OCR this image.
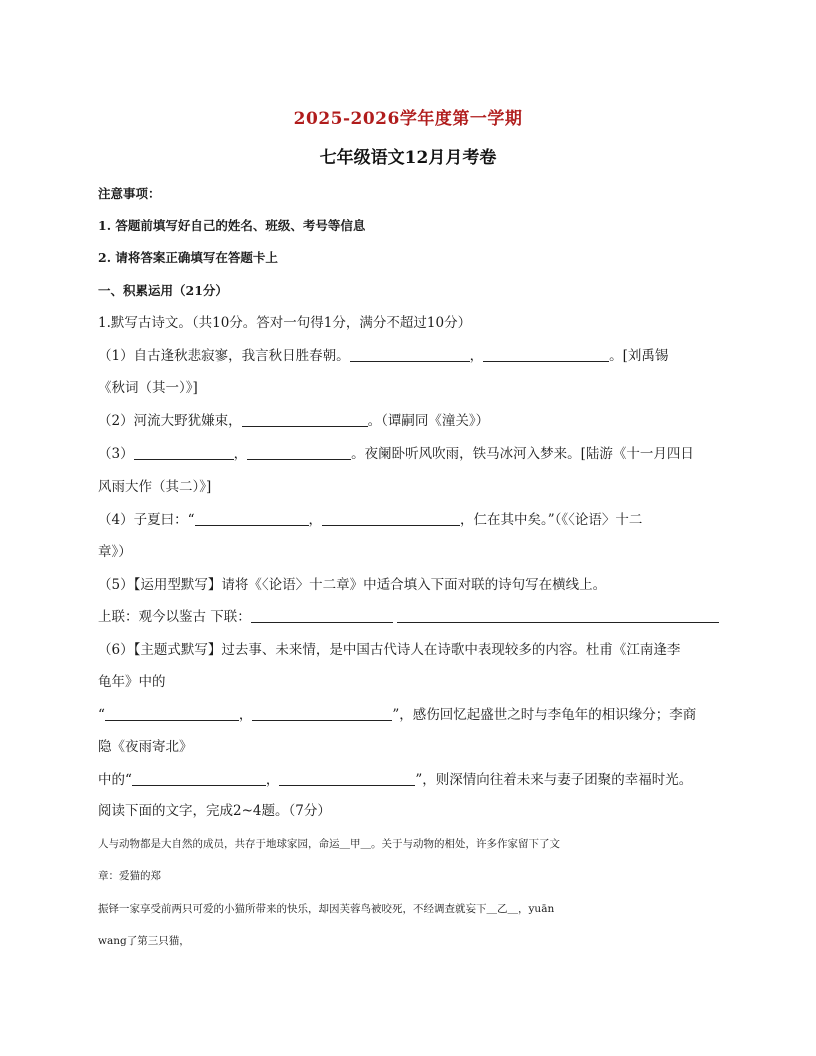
2025-2026学年度第一学期
七年级语文12月月考卷
注意事项：
1. 答题前填写好自己的姓名、班级、考号等信息
2. 请将答案正确填写在答题卡上
一、积累运用（21分）
1.默写古诗文。（共10分。答对一句得1分，满分不超过10分）
（1）自古逢秋悲寂寥，我言秋日胜春朝。	，	。[刘禹锡
《秋词（其一）》]
（2）河流大野犹嫌束，	。（谭嗣同《潼关》）
（3）	，	。夜阑卧听风吹雨，铁马冰河入梦来。[陆游《十一月四日
风雨大作（其二）》]
（4）子夏曰：“	，	，仁在其中矣。”（《〈论语〉十二
章》）
（5）【运用型默写】请将《〈论语〉十二章》中适合填入下面对联的诗句写在横线上。
上联：观今以鉴古 下联：
（6）【主题式默写】过去事、未来情，是中国古代诗人在诗歌中表现较多的内容。杜甫《江南逢李
龟年》中的
“	，	”，感伤回忆起盛世之时与李龟年的相识缘分；李商
隐《夜雨寄北》
中的“	，	”，则深情向往着未来与妻子团聚的幸福时光。
阅读下面的文字，完成2~4题。（7分）
人与动物都是大自然的成员，共存于地球家园，命运＿甲＿。关于与动物的相处，许多作家留下了文
章：爱猫的郑
振铎一家享受前两只可爱的小猫所带来的快乐，却因芙蓉鸟被咬死，不经调查就妄下＿乙＿，yuān
wang了第三只猫，
